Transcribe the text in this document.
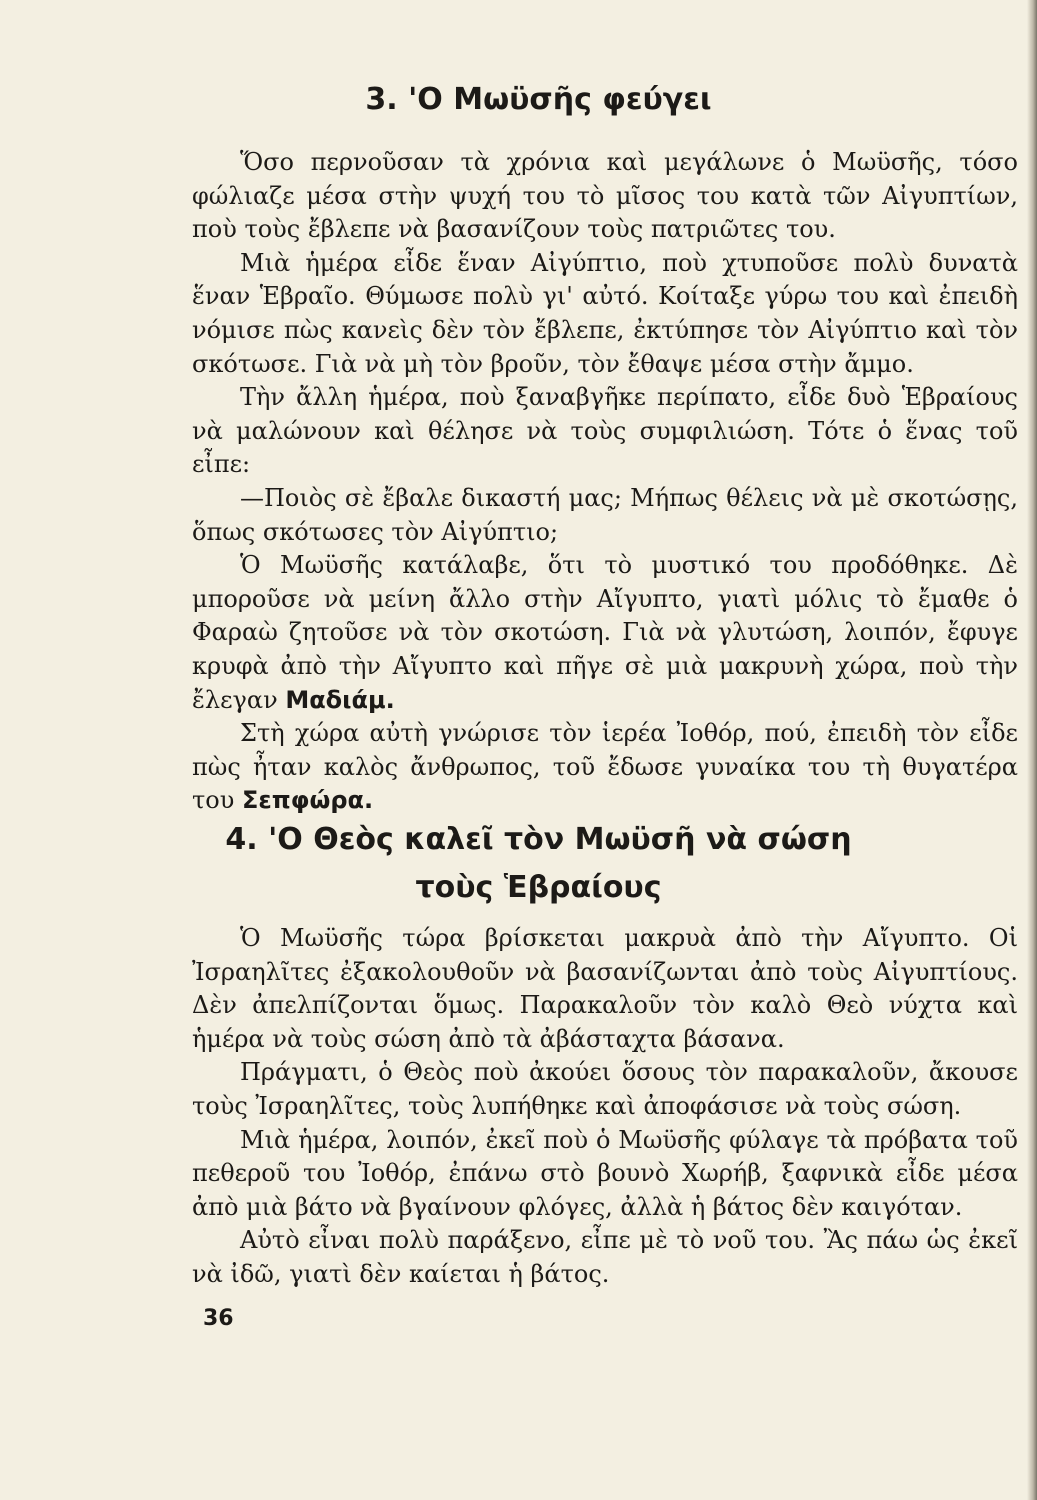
3. 'Ο Μωϋσῆς φεύγει

Ὅσο περνοῦσαν τὰ χρόνια καὶ μεγάλωνε ὁ Μωϋσῆς, τόσο φώλιαζε μέσα στὴν ψυχή του τὸ μῖσος του κατὰ τῶν Αἰγυπτίων, ποὺ τοὺς ἔβλεπε νὰ βασανίζουν τοὺς πατριῶτες του.

Μιὰ ἡμέρα εἶδε ἕναν Αἰγύπτιο, ποὺ χτυποῦσε πολὺ δυνατὰ ἕναν Ἑβραῖο. Θύμωσε πολὺ γι' αὐτό. Κοίταξε γύρω του καὶ ἐπειδὴ νόμισε πὼς κανεὶς δὲν τὸν ἔβλεπε, ἐκτύπησε τὸν Αἰγύπτιο καὶ τὸν σκότωσε. Γιὰ νὰ μὴ τὸν βροῦν, τὸν ἔθαψε μέσα στὴν ἄμμο.

Τὴν ἄλλη ἡμέρα, ποὺ ξαναβγῆκε περίπατο, εἶδε δυὸ Ἑβραίους νὰ μαλώνουν καὶ θέλησε νὰ τοὺς συμφιλιώση. Τότε ὁ ἕνας τοῦ εἶπε:

—Ποιὸς σὲ ἔβαλε δικαστή μας; Μήπως θέλεις νὰ μὲ σκοτώσῃς, ὅπως σκότωσες τὸν Αἰγύπτιο;

Ὁ Μωϋσῆς κατάλαβε, ὅτι τὸ μυστικό του προδόθηκε. Δὲ μποροῦσε νὰ μείνη ἄλλο στὴν Αἴγυπτο, γιατὶ μόλις τὸ ἔμαθε ὁ Φαραὼ ζητοῦσε νὰ τὸν σκοτώση. Γιὰ νὰ γλυτώση, λοιπόν, ἔφυγε κρυφὰ ἀπὸ τὴν Αἴγυπτο καὶ πῆγε σὲ μιὰ μακρυνὴ χώρα, ποὺ τὴν ἔλεγαν Μαδιάμ.

Στὴ χώρα αὐτὴ γνώρισε τὸν ἱερέα Ἰοθόρ, πού, ἐπειδὴ τὸν εἶδε πὼς ἦταν καλὸς ἄνθρωπος, τοῦ ἔδωσε γυναίκα του τὴ θυγατέρα του Σεπφώρα.

4. 'Ο Θεὸς καλεῖ τὸν Μωϋσῆ νὰ σώση
τοὺς Ἑβραίους

Ὁ Μωϋσῆς τώρα βρίσκεται μακρυὰ ἀπὸ τὴν Αἴγυπτο. Οἱ Ἰσραηλῖτες ἐξακολουθοῦν νὰ βασανίζωνται ἀπὸ τοὺς Αἰγυπτίους. Δὲν ἀπελπίζονται ὅμως. Παρακαλοῦν τὸν καλὸ Θεὸ νύχτα καὶ ἡμέρα νὰ τοὺς σώση ἀπὸ τὰ ἀβάσταχτα βάσανα.

Πράγματι, ὁ Θεὸς ποὺ ἀκούει ὅσους τὸν παρακαλοῦν, ἄκουσε τοὺς Ἰσραηλῖτες, τοὺς λυπήθηκε καὶ ἀποφάσισε νὰ τοὺς σώση.

Μιὰ ἡμέρα, λοιπόν, ἐκεῖ ποὺ ὁ Μωϋσῆς φύλαγε τὰ πρόβατα τοῦ πεθεροῦ του Ἰοθόρ, ἐπάνω στὸ βουνὸ Χωρήβ, ξαφνικὰ εἶδε μέσα ἀπὸ μιὰ βάτο νὰ βγαίνουν φλόγες, ἀλλὰ ἡ βάτος δὲν καιγόταν.

Αὐτὸ εἶναι πολὺ παράξενο, εἶπε μὲ τὸ νοῦ του. Ἂς πάω ὡς ἐκεῖ νὰ ἰδῶ, γιατὶ δὲν καίεται ἡ βάτος.

36
